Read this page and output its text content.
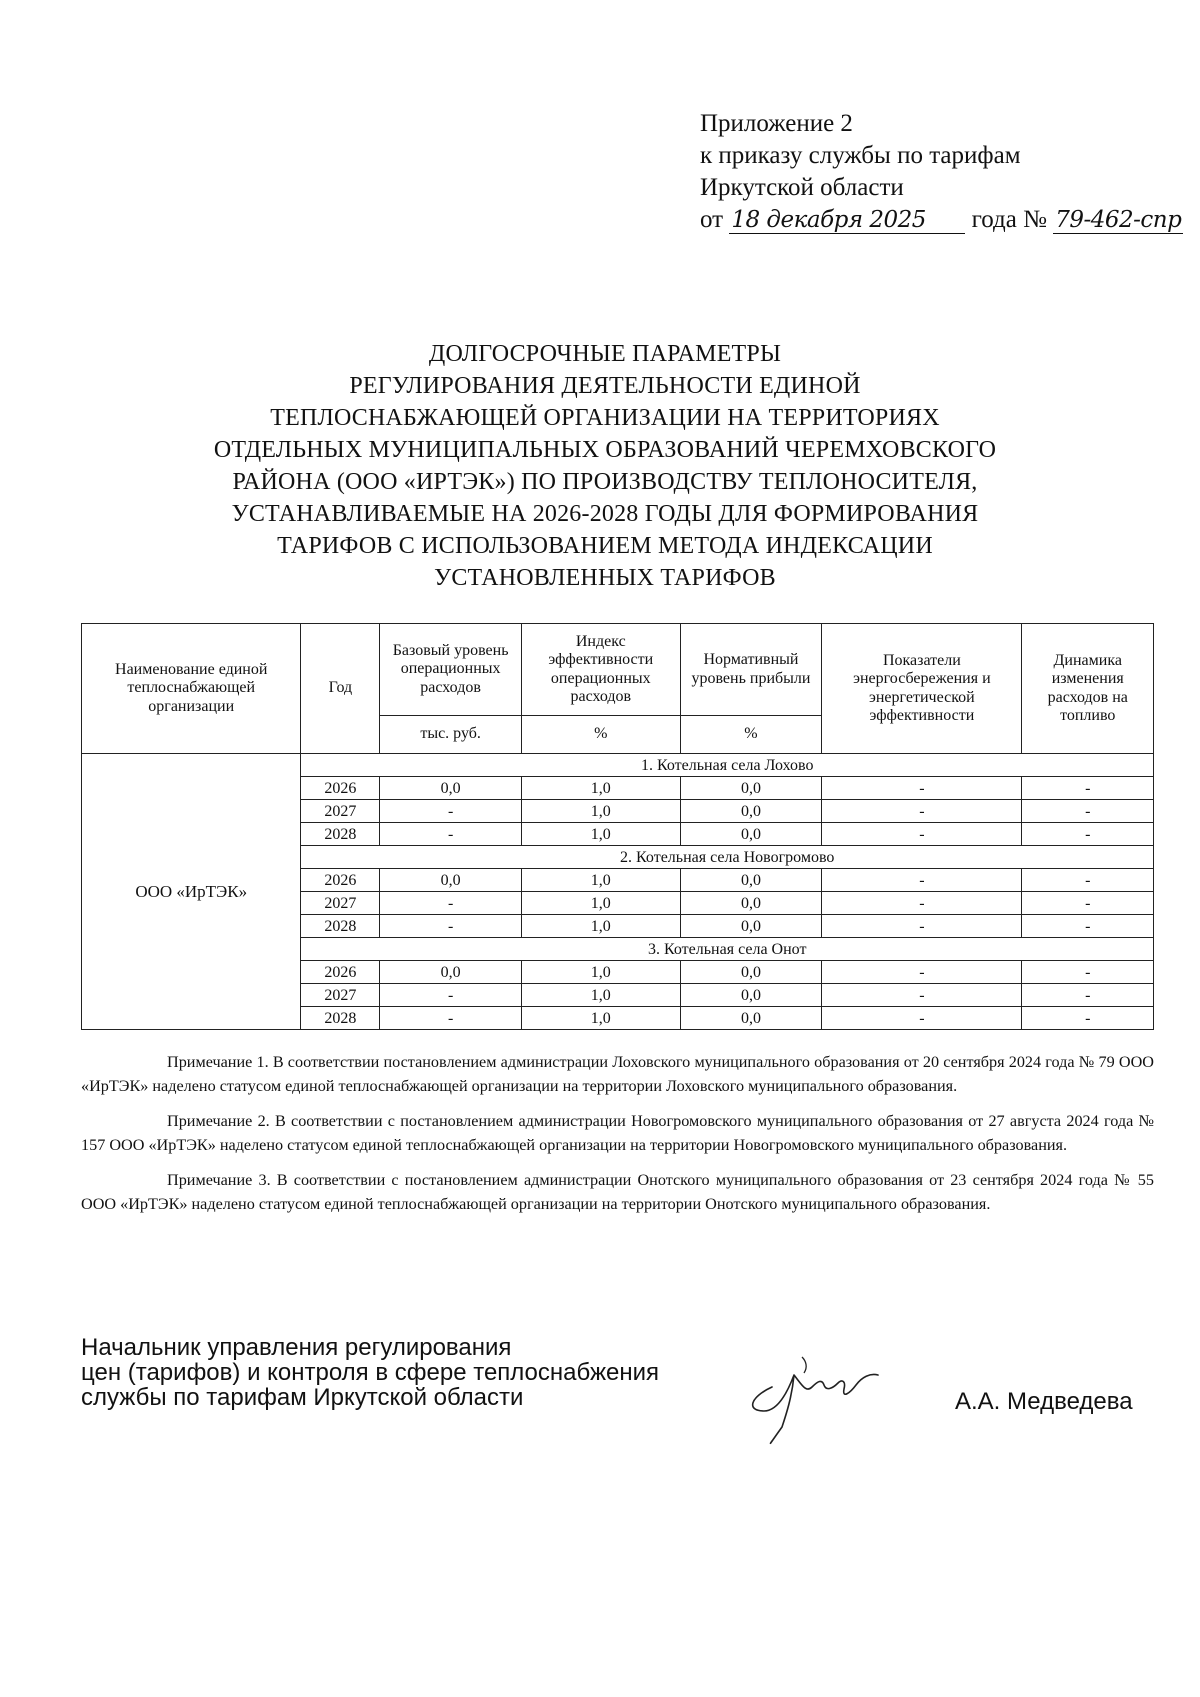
Приложение 2
к приказу службы по тарифам
Иркутской области
от 18 декабря 2025 года № 79-462-спр
ДОЛГОСРОЧНЫЕ ПАРАМЕТРЫ
РЕГУЛИРОВАНИЯ ДЕЯТЕЛЬНОСТИ ЕДИНОЙ
ТЕПЛОСНАБЖАЮЩЕЙ ОРГАНИЗАЦИИ НА ТЕРРИТОРИЯХ
ОТДЕЛЬНЫХ МУНИЦИПАЛЬНЫХ ОБРАЗОВАНИЙ ЧЕРЕМХОВСКОГО
РАЙОНА (ООО «ИРТЭК») ПО ПРОИЗВОДСТВУ ТЕПЛОНОСИТЕЛЯ,
УСТАНАВЛИВАЕМЫЕ НА 2026-2028 ГОДЫ ДЛЯ ФОРМИРОВАНИЯ
ТАРИФОВ С ИСПОЛЬЗОВАНИЕМ МЕТОДА ИНДЕКСАЦИИ
УСТАНОВЛЕННЫХ ТАРИФОВ
Наименование единой теплоснабжающей организации	Год	Базовый уровень операционных расходов	Индекс эффективности операционных расходов	Нормативный уровень прибыли	Показатели энергосбережения и энергетической эффективности	Динамика изменения расходов на топливо
		тыс. руб.	%	%		
ООО «ИрТЭК»	1. Котельная села Лохово					
	2026	0,0	1,0	0,0	-	-
	2027	-	1,0	0,0	-	-
	2028	-	1,0	0,0	-	-
	2. Котельная села Новогромово					
	2026	0,0	1,0	0,0	-	-
	2027	-	1,0	0,0	-	-
	2028	-	1,0	0,0	-	-
	3. Котельная села Онот					
	2026	0,0	1,0	0,0	-	-
	2027	-	1,0	0,0	-	-
	2028	-	1,0	0,0	-	-

Примечание 1. В соответствии постановлением администрации Лоховского муниципального образования от 20 сентября 2024 года № 79 ООО «ИрТЭК» наделено статусом единой теплоснабжающей организации на территории Лоховского муниципального образования.

Примечание 2. В соответствии с постановлением администрации Новогромовского муниципального образования от 27 августа 2024 года № 157 ООО «ИрТЭК» наделено статусом единой теплоснабжающей организации на территории Новогромовского муниципального образования.

Примечание 3. В соответствии с постановлением администрации Онотского муниципального образования от 23 сентября 2024 года № 55 ООО «ИрТЭК» наделено статусом единой теплоснабжающей организации на территории Онотского муниципального образования.

Начальник управления регулирования
цен (тарифов) и контроля в сфере теплоснабжения
службы по тарифам Иркутской области	А.А. Медведева
